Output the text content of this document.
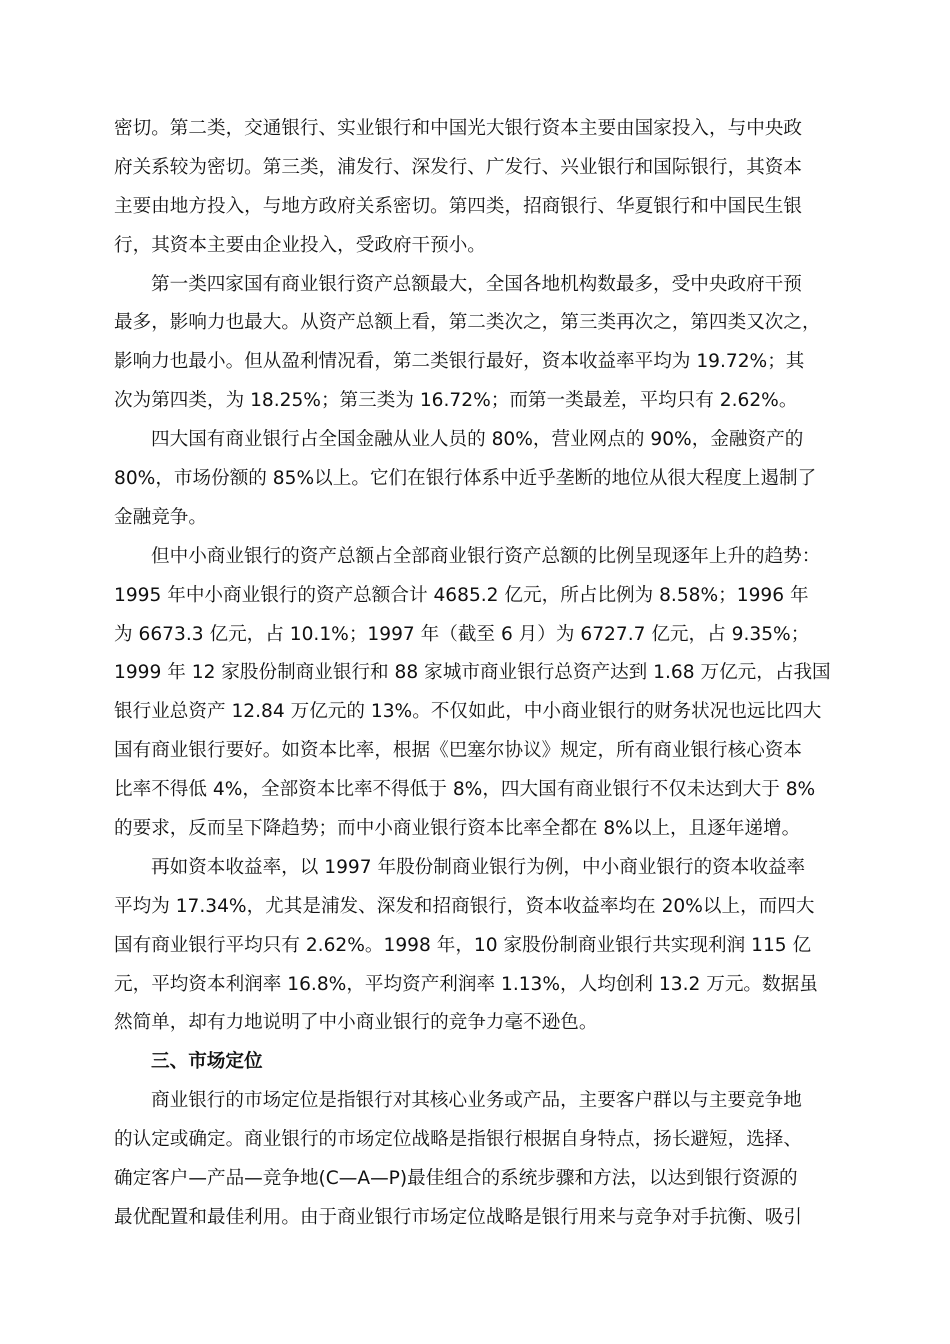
密切。第二类，交通银行、实业银行和中国光大银行资本主要由国家投入，与中央政
府关系较为密切。第三类，浦发行、深发行、广发行、兴业银行和国际银行，其资本
主要由地方投入，与地方政府关系密切。第四类，招商银行、华夏银行和中国民生银
行，其资本主要由企业投入，受政府干预小。
第一类四家国有商业银行资产总额最大，全国各地机构数最多，受中央政府干预
最多，影响力也最大。从资产总额上看，第二类次之，第三类再次之，第四类又次之，
影响力也最小。但从盈利情况看，第二类银行最好，资本收益率平均为 19.72%；其
次为第四类，为 18.25%；第三类为 16.72%；而第一类最差，平均只有 2.62%。
四大国有商业银行占全国金融从业人员的 80%，营业网点的 90%，金融资产的
80%，市场份额的 85%以上。它们在银行体系中近乎垄断的地位从很大程度上遏制了
金融竞争。
但中小商业银行的资产总额占全部商业银行资产总额的比例呈现逐年上升的趋势：
1995 年中小商业银行的资产总额合计 4685.2 亿元，所占比例为 8.58%；1996 年
为 6673.3 亿元，占 10.1%；1997 年（截至 6 月）为 6727.7 亿元，占 9.35%；
1999 年 12 家股份制商业银行和 88 家城市商业银行总资产达到 1.68 万亿元，占我国
银行业总资产 12.84 万亿元的 13%。不仅如此，中小商业银行的财务状况也远比四大
国有商业银行要好。如资本比率，根据《巴塞尔协议》规定，所有商业银行核心资本
比率不得低 4%，全部资本比率不得低于 8%，四大国有商业银行不仅未达到大于 8%
的要求，反而呈下降趋势；而中小商业银行资本比率全都在 8%以上，且逐年递增。
再如资本收益率，以 1997 年股份制商业银行为例，中小商业银行的资本收益率
平均为 17.34%，尤其是浦发、深发和招商银行，资本收益率均在 20%以上，而四大
国有商业银行平均只有 2.62%。1998 年，10 家股份制商业银行共实现利润 115 亿
元，平均资本利润率 16.8%，平均资产利润率 1.13%，人均创利 13.2 万元。数据虽
然简单，却有力地说明了中小商业银行的竞争力毫不逊色。
三、市场定位
商业银行的市场定位是指银行对其核心业务或产品，主要客户群以与主要竞争地
的认定或确定。商业银行的市场定位战略是指银行根据自身特点，扬长避短，选择、
确定客户—产品—竞争地(C—A—P)最佳组合的系统步骤和方法，以达到银行资源的
最优配置和最佳利用。由于商业银行市场定位战略是银行用来与竞争对手抗衡、吸引
